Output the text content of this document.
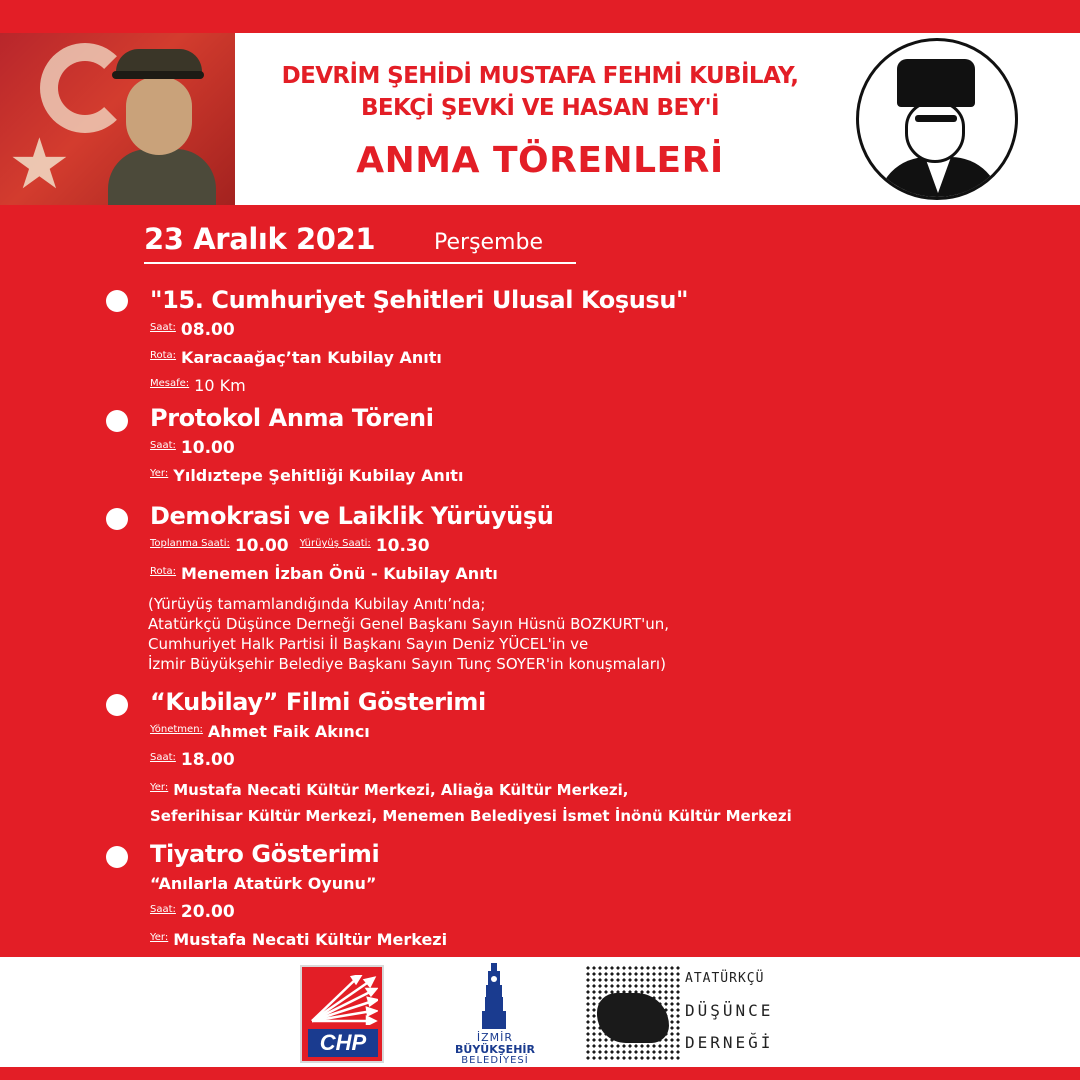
★
DEVRİM ŞEHİDİ MUSTAFA FEHMİ KUBİLAY,
BEKÇİ ŞEVKİ VE HASAN BEY'İ
ANMA TÖRENLERİ
23 Aralık 2021	Perşembe
"15. Cumhuriyet Şehitleri Ulusal Koşusu"
$^{Saat:}$ 08.00
$^{Rota:}$ Karacaağaç’tan Kubilay Anıtı
$^{Mesafe:}$ 10 Km
Protokol Anma Töreni
$^{Saat:}$ 10.00
$^{Yer:}$ Yıldıztepe Şehitliği Kubilay Anıtı
Demokrasi ve Laiklik Yürüyüşü
$^{Toplanma Saati:}$ 10.00 $^{Yürüyüş Saati:}$ 10.30
$^{Rota:}$ Menemen İzban Önü - Kubilay Anıtı
(Yürüyüş tamamlandığında Kubilay Anıtı’nda;
Atatürkçü Düşünce Derneği Genel Başkanı Sayın Hüsnü BOZKURT'un,
Cumhuriyet Halk Partisi İl Başkanı Sayın Deniz YÜCEL'in ve
İzmir Büyükşehir Belediye Başkanı Sayın Tunç SOYER'in konuşmaları)
“Kubilay” Filmi Gösterimi
$^{Yönetmen:}$ Ahmet Faik Akıncı
$^{Saat:}$ 18.00
$^{Yer:}$ Mustafa Necati Kültür Merkezi, Aliağa Kültür Merkezi,
Seferihisar Kültür Merkezi, Menemen Belediyesi İsmet İnönü Kültür Merkezi
Tiyatro Gösterimi
“Anılarla Atatürk Oyunu”
$^{Saat:}$ 20.00
$^{Yer:}$ Mustafa Necati Kültür Merkezi
CHP	İZMİR
BÜYÜKŞEHİR
BELEDİYESİ
ATATÜRKÇÜ
DÜŞÜNCE
DERNEĞİ
